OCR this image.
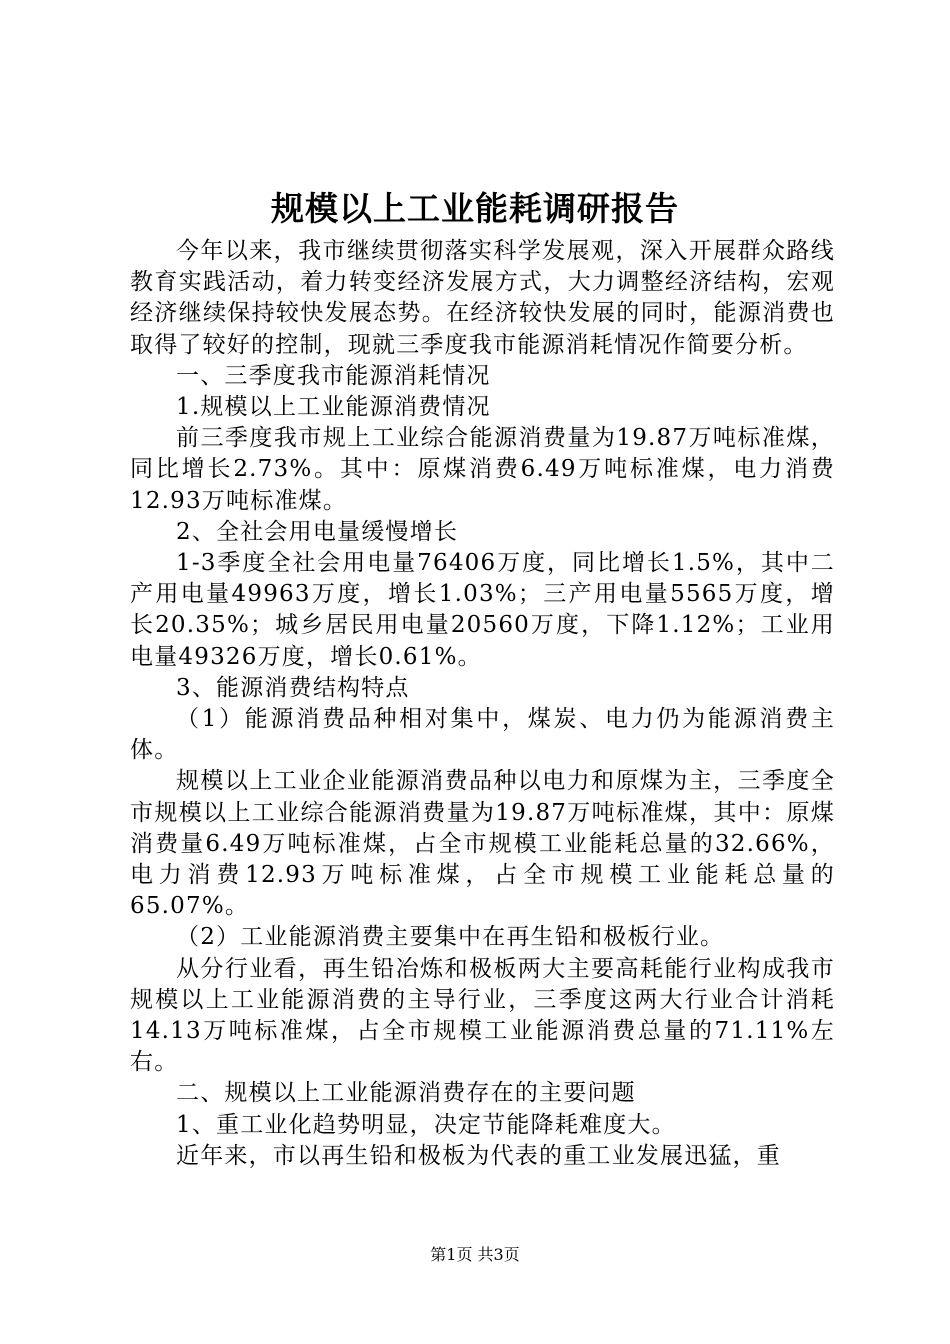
规模以上工业能耗调研报告

今年以来，我市继续贯彻落实科学发展观，深入开展群众路线教育实践活动，着力转变经济发展方式，大力调整经济结构，宏观经济继续保持较快发展态势。在经济较快发展的同时，能源消费也取得了较好的控制，现就三季度我市能源消耗情况作简要分析。

一、三季度我市能源消耗情况

1.规模以上工业能源消费情况

前三季度我市规上工业综合能源消费量为19.87万吨标准煤，同比增长2.73%。其中：原煤消费6.49万吨标准煤，电力消费12.93万吨标准煤。

2、全社会用电量缓慢增长

1-3季度全社会用电量76406万度，同比增长1.5%，其中二产用电量49963万度，增长1.03%；三产用电量5565万度，增长20.35%；城乡居民用电量20560万度，下降1.12%；工业用电量49326万度，增长0.61%。

3、能源消费结构特点

（1）能源消费品种相对集中，煤炭、电力仍为能源消费主体。

规模以上工业企业能源消费品种以电力和原煤为主，三季度全市规模以上工业综合能源消费量为19.87万吨标准煤，其中：原煤消费量6.49万吨标准煤，占全市规模工业能耗总量的32.66%，电力消费12.93万吨标准煤，占全市规模工业能耗总量的65.07%。

（2）工业能源消费主要集中在再生铅和极板行业。

从分行业看，再生铅冶炼和极板两大主要高耗能行业构成我市规模以上工业能源消费的主导行业，三季度这两大行业合计消耗14.13万吨标准煤，占全市规模工业能源消费总量的71.11%左右。

二、规模以上工业能源消费存在的主要问题

1、重工业化趋势明显，决定节能降耗难度大。

近年来，市以再生铅和极板为代表的重工业发展迅猛，重

第1页 共3页
